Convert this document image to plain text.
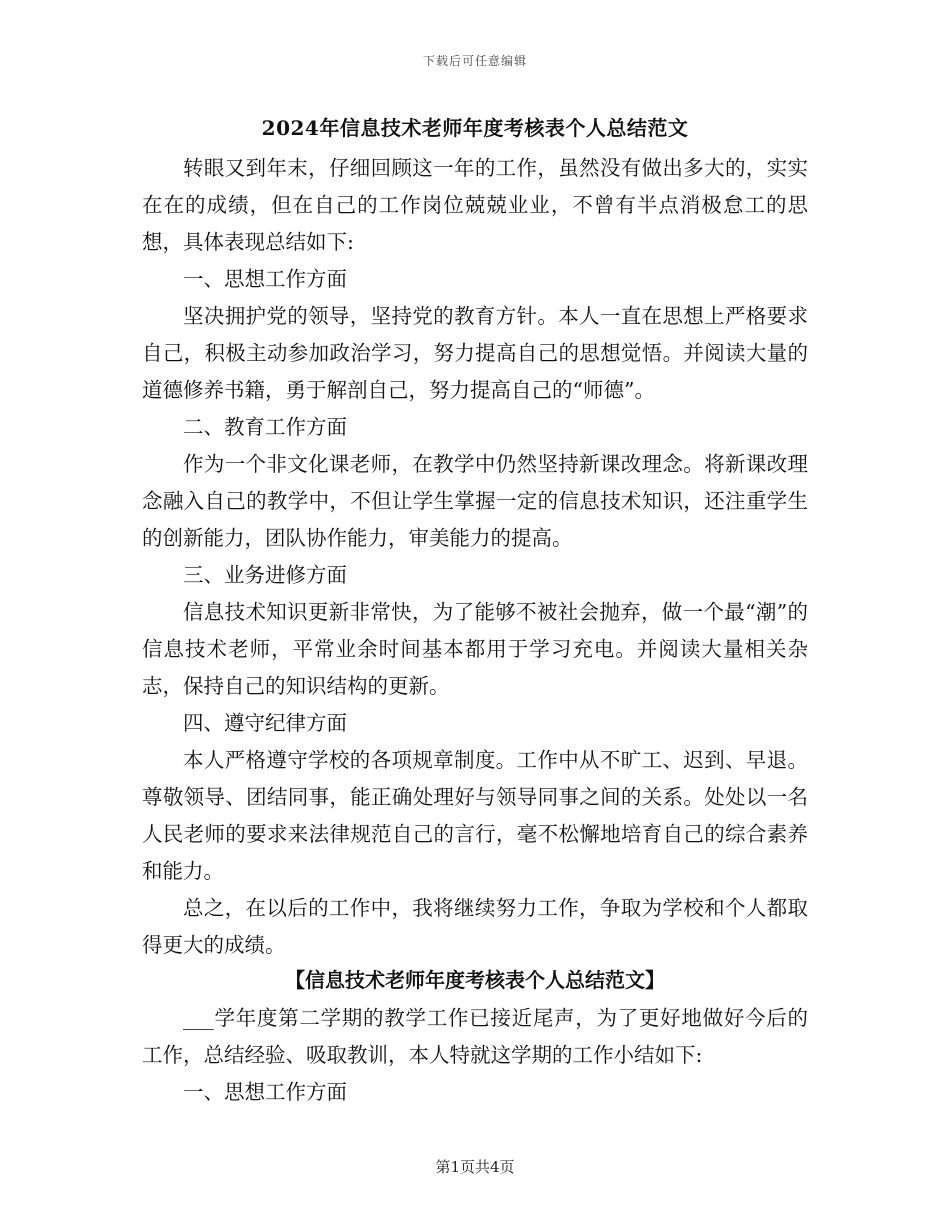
下载后可任意编辑
2024年信息技术老师年度考核表个人总结范文

转眼又到年末，仔细回顾这一年的工作，虽然没有做出多大的，实实在在的成绩，但在自己的工作岗位兢兢业业，不曾有半点消极怠工的思想，具体表现总结如下:

一、思想工作方面

坚决拥护党的领导，坚持党的教育方针。本人一直在思想上严格要求自己，积极主动参加政治学习，努力提高自己的思想觉悟。并阅读大量的道德修养书籍，勇于解剖自己，努力提高自己的“师德”。

二、教育工作方面

作为一个非文化课老师，在教学中仍然坚持新课改理念。将新课改理念融入自己的教学中，不但让学生掌握一定的信息技术知识，还注重学生的创新能力，团队协作能力，审美能力的提高。

三、业务进修方面

信息技术知识更新非常快，为了能够不被社会抛弃，做一个最“潮”的信息技术老师，平常业余时间基本都用于学习充电。并阅读大量相关杂志，保持自己的知识结构的更新。

四、遵守纪律方面

本人严格遵守学校的各项规章制度。工作中从不旷工、迟到、早退。尊敬领导、团结同事，能正确处理好与领导同事之间的关系。处处以一名人民老师的要求来法律规范自己的言行，毫不松懈地培育自己的综合素养和能力。

总之，在以后的工作中，我将继续努力工作，争取为学校和个人都取得更大的成绩。

【信息技术老师年度考核表个人总结范文】

___学年度第二学期的教学工作已接近尾声，为了更好地做好今后的工作，总结经验、吸取教训，本人特就这学期的工作小结如下:

一、思想工作方面

第1页共4页
